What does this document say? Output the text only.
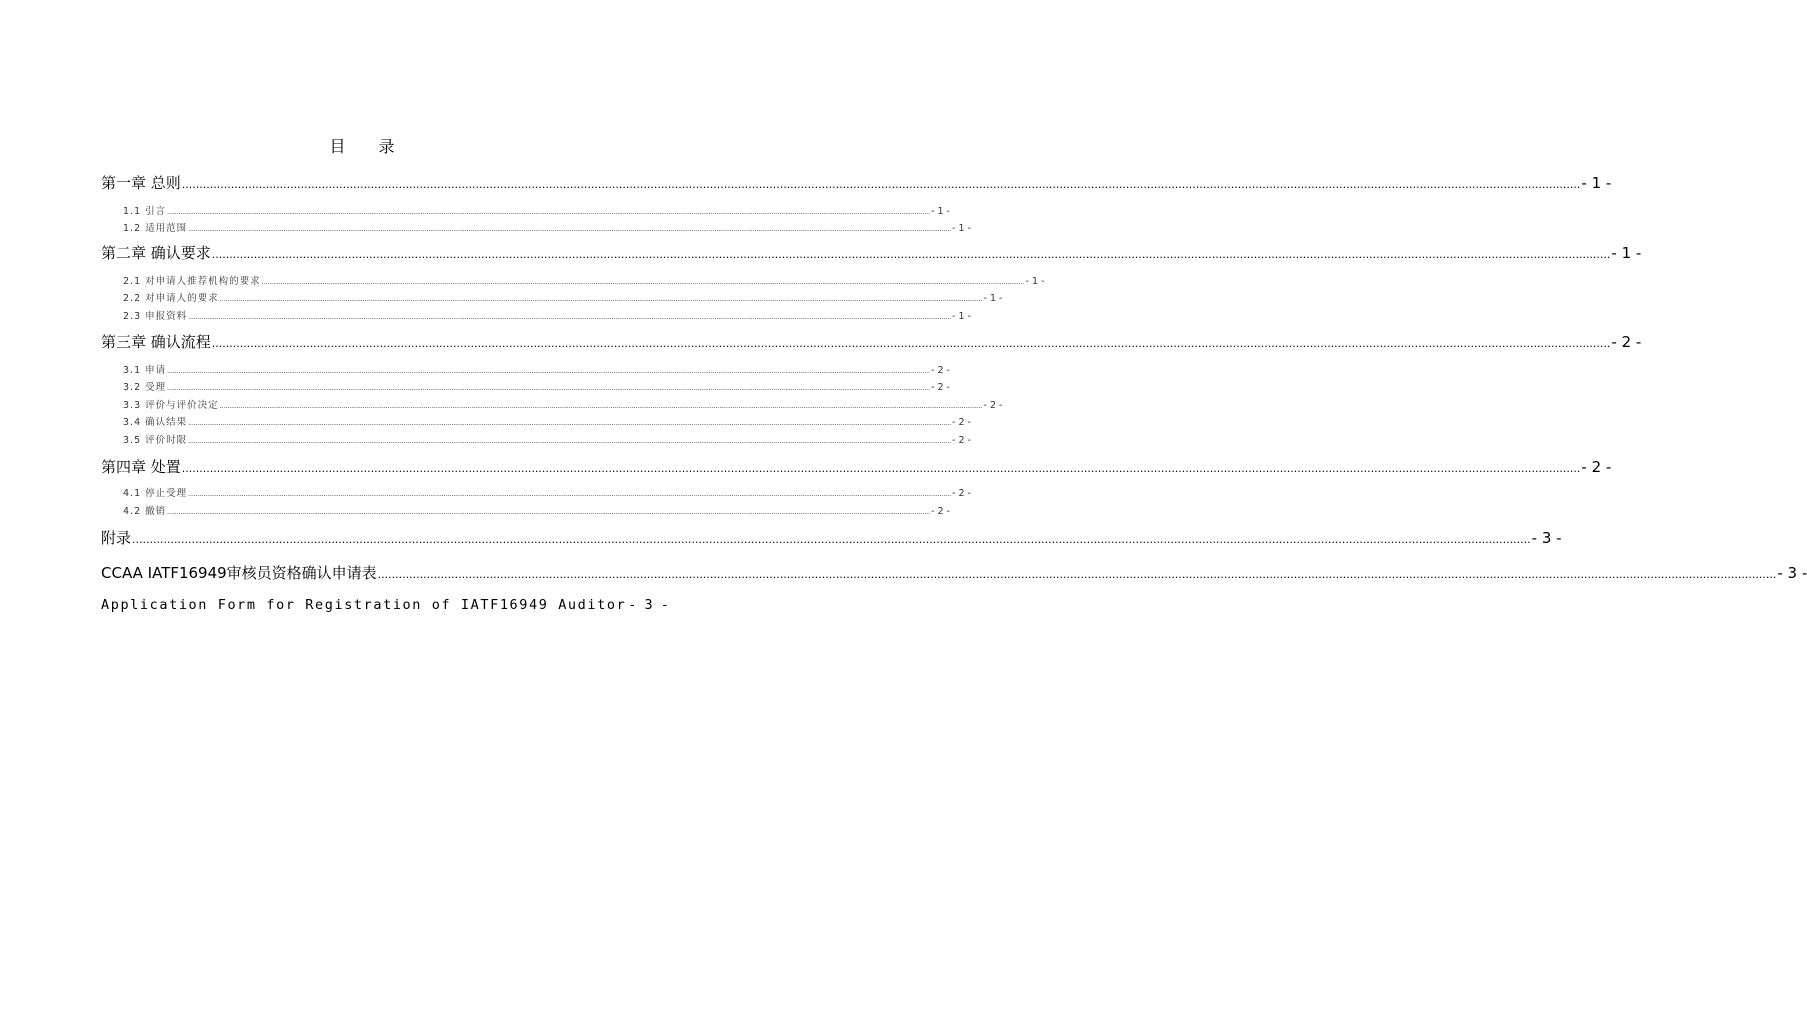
目 录
第一章 总则 ................................................................................................................................................................................................................................................................................................................................................................................................................ - 1 -
1.1 引言 ................................................................................................................................................................................................................................................................................................................................................................................................................ - 1 -
1.2 适用范围 ................................................................................................................................................................................................................................................................................................................................................................................................................ - 1 -
第二章 确认要求 ................................................................................................................................................................................................................................................................................................................................................................................................................ - 1 -
2.1 对申请人推荐机构的要求 ................................................................................................................................................................................................................................................................................................................................................................................................................ - 1 -
2.2 对申请人的要求 ................................................................................................................................................................................................................................................................................................................................................................................................................ - 1 -
2.3 申报资料 ................................................................................................................................................................................................................................................................................................................................................................................................................ - 1 -
第三章 确认流程 ................................................................................................................................................................................................................................................................................................................................................................................................................ - 2 -
3.1 申请 ................................................................................................................................................................................................................................................................................................................................................................................................................ - 2 -
3.2 受理 ................................................................................................................................................................................................................................................................................................................................................................................................................ - 2 -
3.3 评价与评价决定 ................................................................................................................................................................................................................................................................................................................................................................................................................ - 2 -
3.4 确认结果 ................................................................................................................................................................................................................................................................................................................................................................................................................ - 2 -
3.5 评价时限 ................................................................................................................................................................................................................................................................................................................................................................................................................ - 2 -
第四章 处置 ................................................................................................................................................................................................................................................................................................................................................................................................................ - 2 -
4.1 停止受理 ................................................................................................................................................................................................................................................................................................................................................................................................................ - 2 -
4.2 撤销 ................................................................................................................................................................................................................................................................................................................................................................................................................ - 2 -
附录 ................................................................................................................................................................................................................................................................................................................................................................................................................ - 3 -
CCAA IATF16949审核员资格确认申请表 ................................................................................................................................................................................................................................................................................................................................................................................................................ - 3 -
Application Form for Registration of IATF16949 Auditor - 3 -
